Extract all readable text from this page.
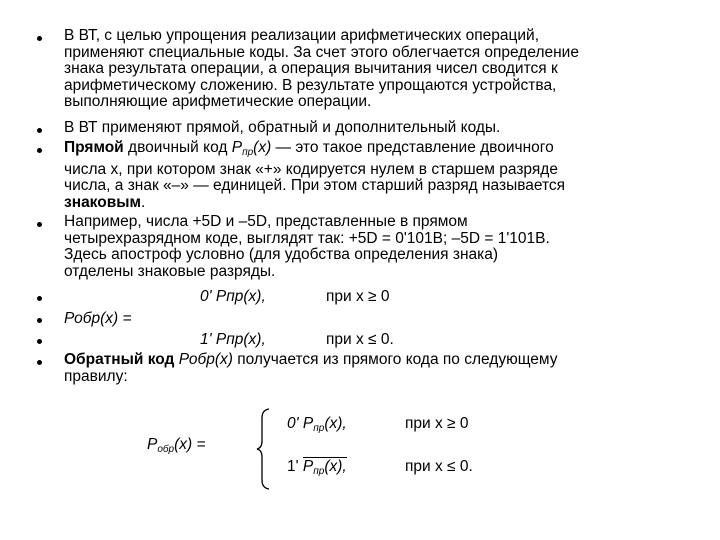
В ВТ, с целью упрощения реализации арифметических операций,
применяют специальные коды. За счет этого облегчается определение
знака результата операции, а операция вычитания чисел сводится к
арифметическому сложению. В результате упрощаются устройства,
выполняющие арифметические операции.
В ВТ применяют прямой, обратный и дополнительный коды.
Прямой двоичный код $P_{пр}(x)$ — это такое представление двоичного
числа x, при котором знак «+» кодируется нулем в старшем разряде
числа, а знак «–» — единицей. При этом старший разряд называется
знаковым.
Например, числа +5D и –5D, представленные в прямом
четырехразрядном коде, выглядят так: +5D = 0'101B; –5D = 1'101B.
Здесь апостроф условно (для удобства определения знака)
отделены знаковые разряды.
0' Рпр(х),	при х ≥ 0
Робр(х) =
1' Рпр(х),	при х ≤ 0.
Обратный код Робр(х) получается из прямого кода по следующему
правилу:
$P_{обр}(x)$ =
0' $P_{пр}(x)$,	при x ≥ 0
1' $P_{пр}(x)$,	при x ≤ 0.
